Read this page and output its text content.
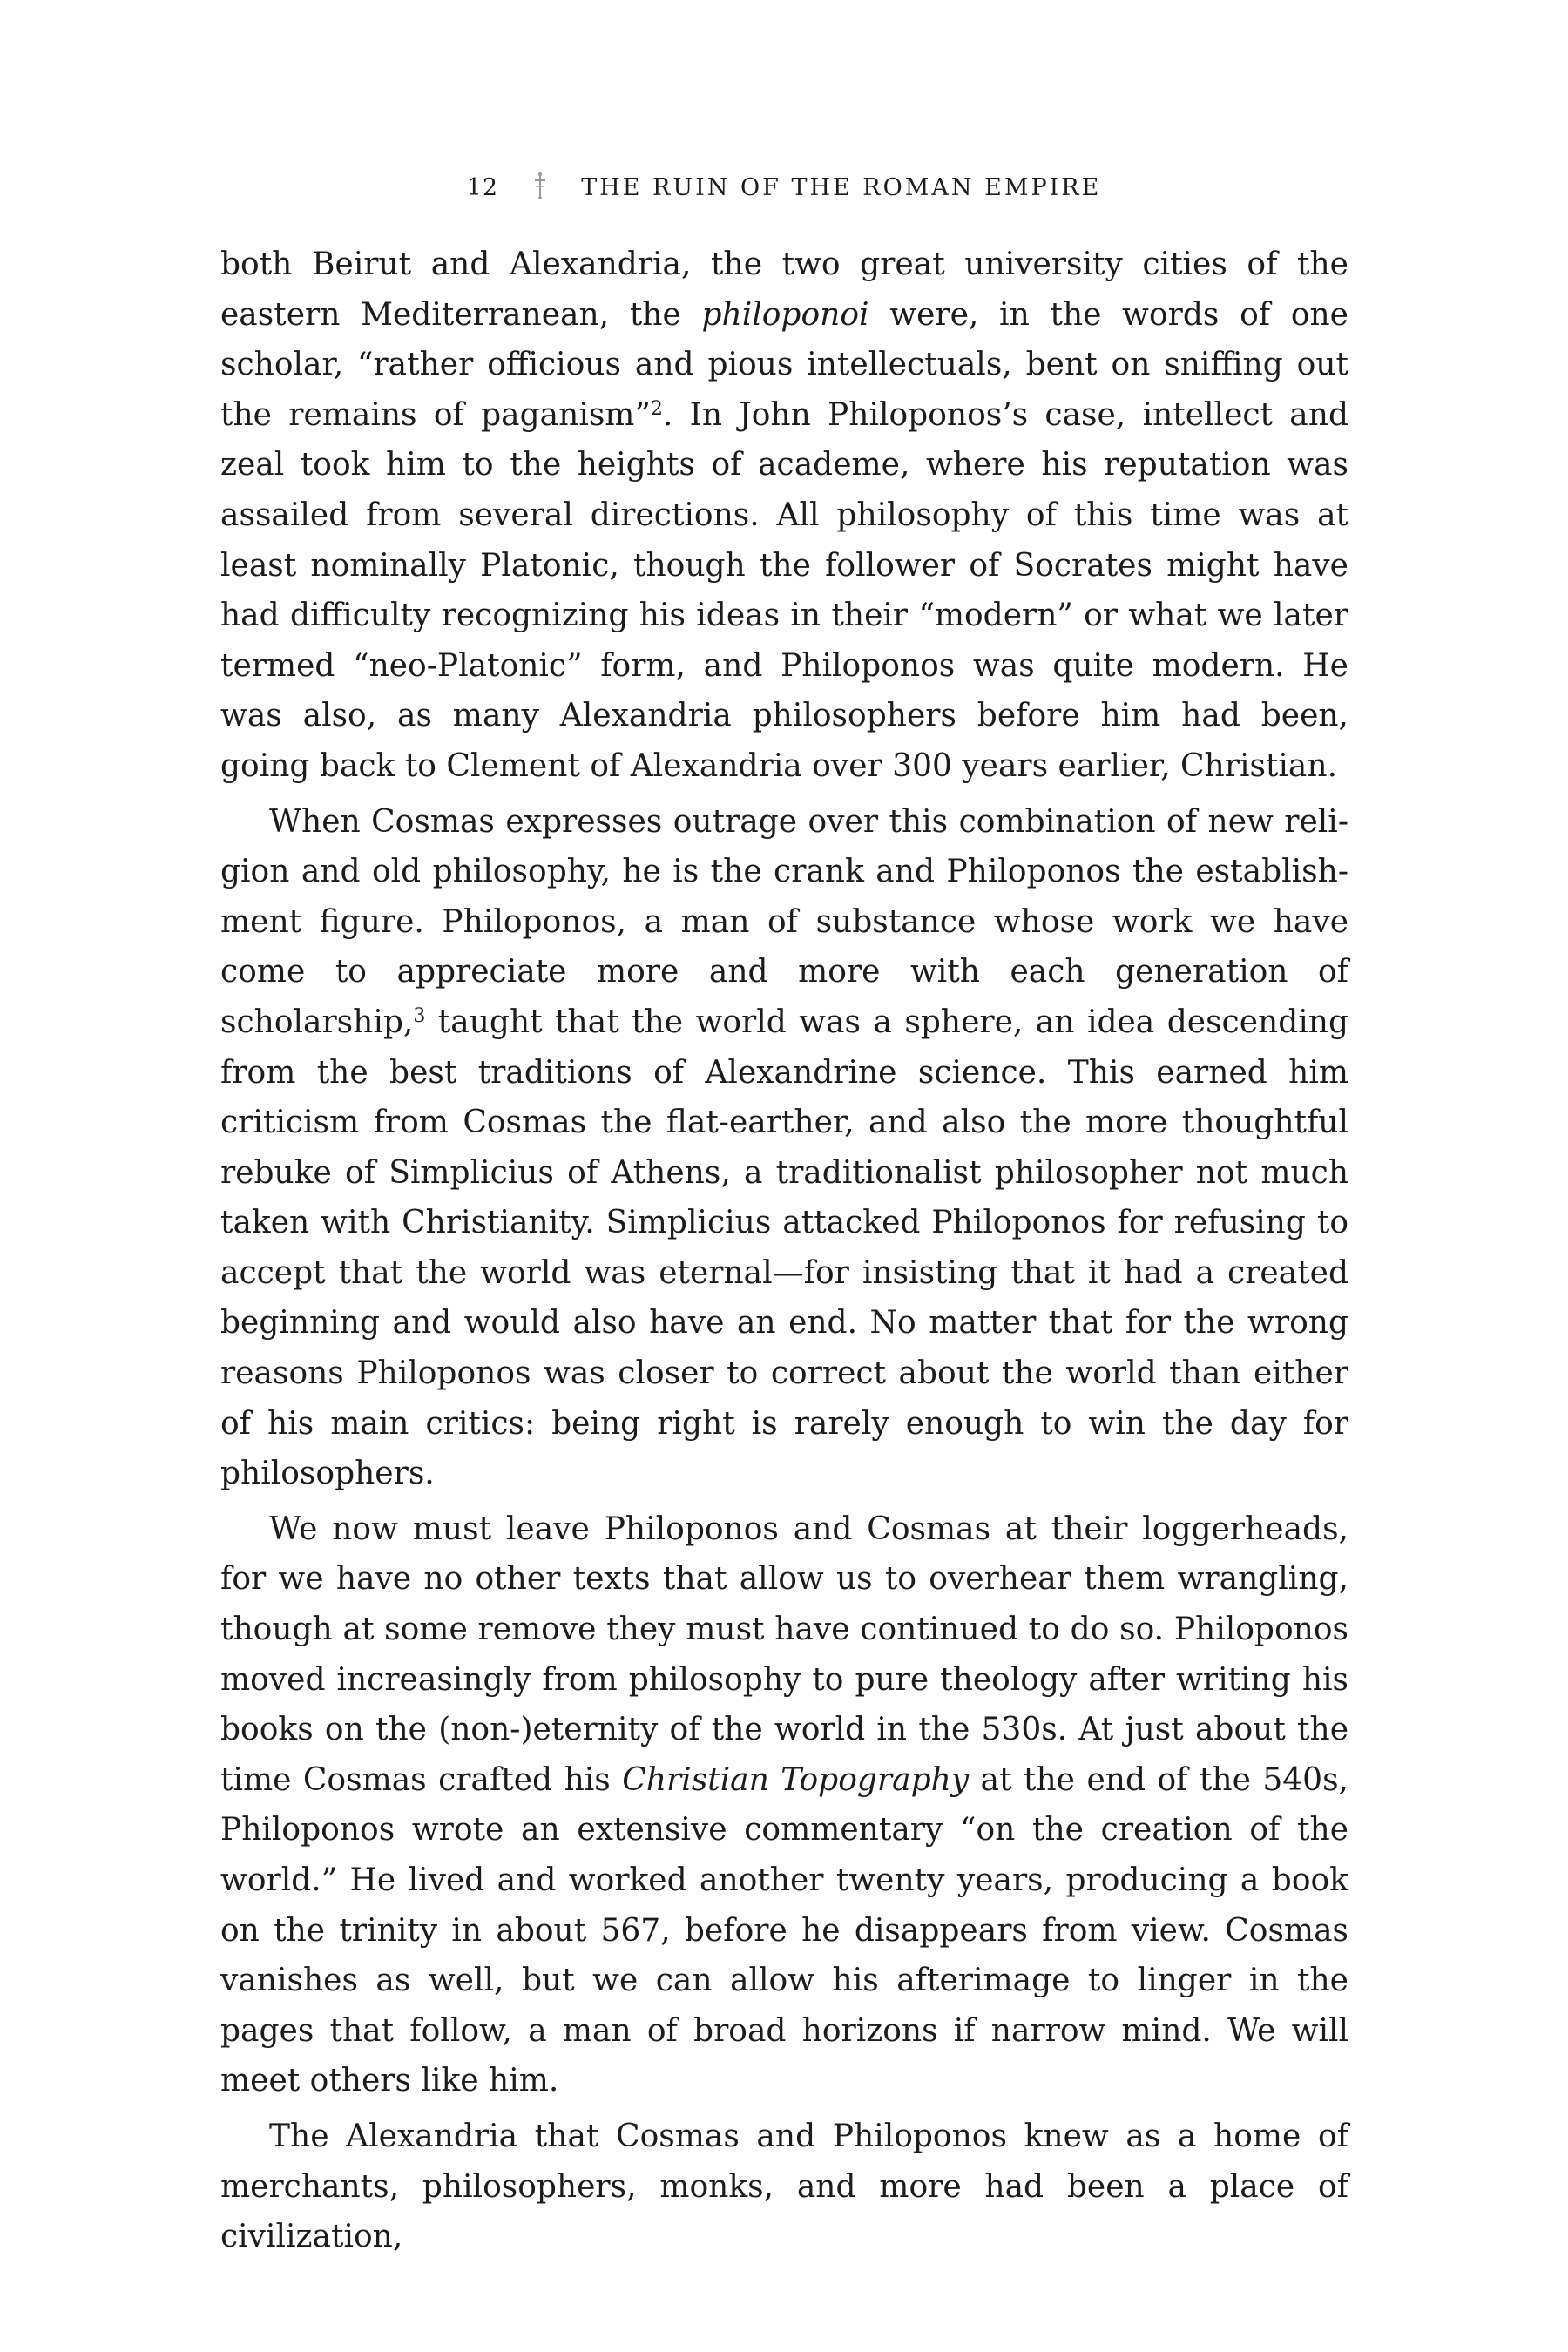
12	THE RUIN OF THE ROMAN EMPIRE

both Beirut and Alexandria, the two great university cities of the eastern Mediterranean, the philoponoi were, in the words of one scholar, “rather officious and pious intellectuals, bent on sniffing out the remains of paganism”$^2$. In John Philoponos’s case, intellect and zeal took him to the heights of academe, where his reputation was assailed from several directions. All philosophy of this time was at least nominally Platonic, though the follower of Socrates might have had difficulty recognizing his ideas in their “modern” or what we later termed “neo-Platonic” form, and Philoponos was quite modern. He was also, as many Alexandria philosophers before him had been, going back to Clement of Alexandria over 300 years earlier, Christian.

When Cosmas expresses outrage over this combination of new religion and old philosophy, he is the crank and Philoponos the establishment figure. Philoponos, a man of substance whose work we have come to appreciate more and more with each generation of scholarship,$^3$ taught that the world was a sphere, an idea descending from the best traditions of Alexandrine science. This earned him criticism from Cosmas the flat-earther, and also the more thoughtful rebuke of Simplicius of Athens, a traditionalist philosopher not much taken with Christianity. Simplicius attacked Philoponos for refusing to accept that the world was eternal—for insisting that it had a created beginning and would also have an end. No matter that for the wrong reasons Philoponos was closer to correct about the world than either of his main critics: being right is rarely enough to win the day for philosophers.

We now must leave Philoponos and Cosmas at their loggerheads, for we have no other texts that allow us to overhear them wrangling, though at some remove they must have continued to do so. Philoponos moved increasingly from philosophy to pure theology after writing his books on the (non-)eternity of the world in the 530s. At just about the time Cosmas crafted his Christian Topography at the end of the 540s, Philoponos wrote an extensive commentary “on the creation of the world.” He lived and worked another twenty years, producing a book on the trinity in about 567, before he disappears from view. Cosmas vanishes as well, but we can allow his afterimage to linger in the pages that follow, a man of broad horizons if narrow mind. We will meet others like him.

The Alexandria that Cosmas and Philoponos knew as a home of merchants, philosophers, monks, and more had been a place of civilization,
